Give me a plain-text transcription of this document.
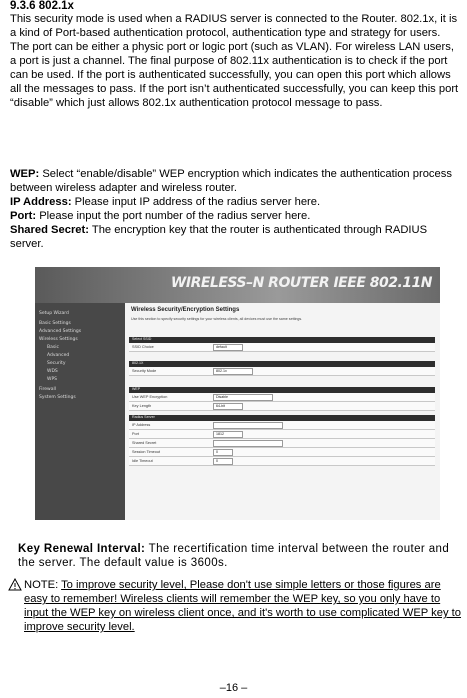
9.3.6 802.1x
This security mode is used when a RADIUS server is connected to the Router. 802.1x, it is a kind of Port-based authentication protocol, authentication type and strategy for users. The port can be either a physic port or logic port (such as VLAN). For wireless LAN users, a port is just a channel. The final purpose of 802.11x authentication is to check if the port can be used. If the port is authenticated successfully, you can open this port which allows all the messages to pass. If the port isn’t authenticated successfully, you can keep this port “disable” which just allows 802.1x authentication protocol message to pass.
WEP: Select “enable/disable” WEP encryption which indicates the authentication process between wireless adapter and wireless router.
IP Address: Please input IP address of the radius server here.
Port: Please input the port number of the radius server here.
Shared Secret: The encryption key that the router is authenticated through RADIUS server.
WIRELESS–N ROUTER IEEE 802.11N
Setup Wizard
Basic Settings
Advanced Settings
Wireless Settings
Basic
Advanced
Security
WDS
WPS
Firewall
System Settings
Wireless Security/Encryption Settings
Use this section to specify security settings for your wireless clients, all devices must use the same settings.
Select SSID
SSID Choice	default
802.1X
Security Mode	802.1x
WEP
Use WEP Encryption	Disable
Key Length	64-bit
Radius Server
IP Address
Port	1812
Shared Secret
Session Timeout	0
Idle Timeout	0
Key Renewal Interval: The recertification time interval between the router and the server. The default value is 3600s.
NOTE: To improve security level, Please don't use simple letters or those figures are easy to remember! Wireless clients will remember the WEP key, so you only have to input the WEP key on wireless client once, and it's worth to use complicated WEP key to improve security level.
–16 –
